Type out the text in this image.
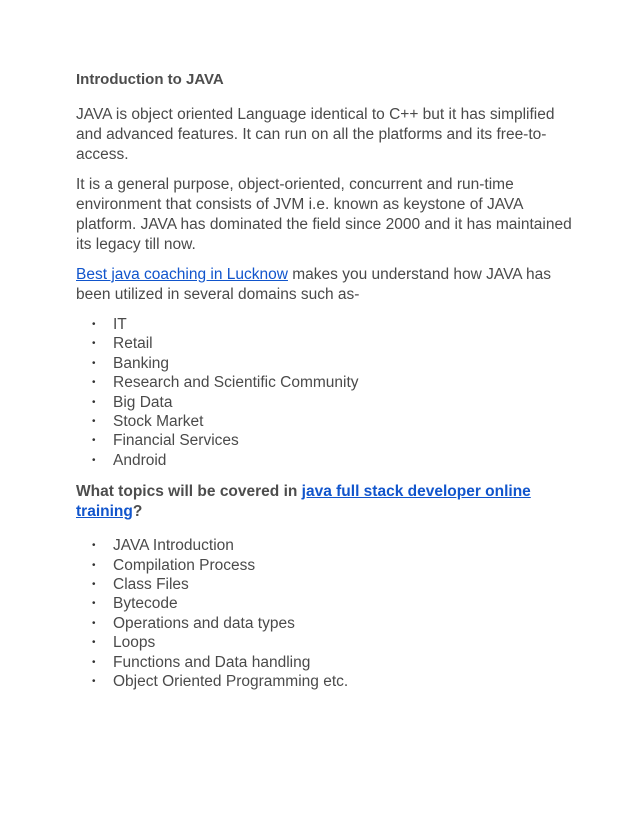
Introduction to JAVA

JAVA is object oriented Language identical to C++ but it has simplified and advanced features. It can run on all the platforms and its free-to-access.

It is a general purpose, object-oriented, concurrent and run-time environment that consists of JVM i.e. known as keystone of JAVA platform. JAVA has dominated the field since 2000 and it has maintained its legacy till now.

Best java coaching in Lucknow makes you understand how JAVA has been utilized in several domains such as-

• IT
• Retail
• Banking
• Research and Scientific Community
• Big Data
• Stock Market
• Financial Services
• Android
What topics will be covered in java full stack developer online training?
• JAVA Introduction
• Compilation Process
• Class Files
• Bytecode
• Operations and data types
• Loops
• Functions and Data handling
• Object Oriented Programming etc.
